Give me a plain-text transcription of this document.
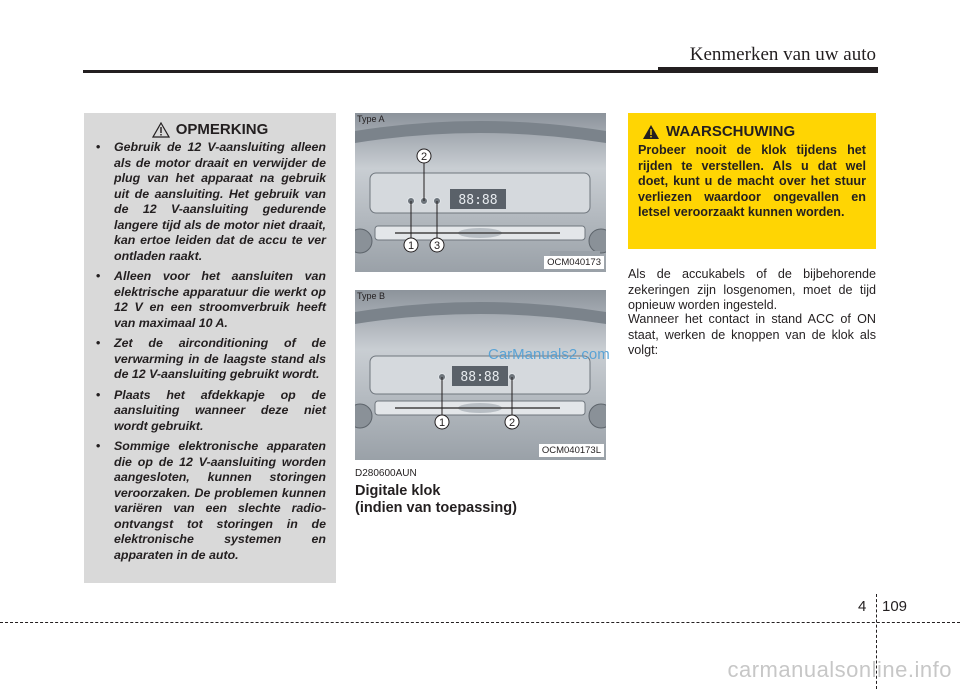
Kenmerken van uw auto
OPMERKING
• Gebruik de 12 V-aansluiting alleen als de motor draait en verwijder de plug van het apparaat na gebruik uit de aansluiting. Het gebruik van de 12 V-aansluiting gedurende langere tijd als de motor niet draait, kan ertoe leiden dat de accu te ver ontladen raakt.
• Alleen voor het aansluiten van elektrische apparatuur die werkt op 12 V en een stroomverbruik heeft van maximaal 10 A.
• Zet de airconditioning of de verwarming in de laagste stand als de 12 V-aansluiting gebruikt wordt.
• Plaats het afdekkapje op de aansluiting wanneer deze niet wordt gebruikt.
• Sommige elektronische apparaten die op de 12 V-aansluiting worden aangesloten, kunnen storingen veroorzaken. De problemen kunnen variëren van een slechte radio-ontvangst tot storingen in de elektronische systemen en apparaten in de auto.
88:88
2
1 3
OCM040173
Type A
88:88
1	2
OCM040173L
Type B
CarManuals2.com
D280600AUN
Digitale klok
(indien van toepassing)
WAARSCHUWING
Probeer nooit de klok tijdens het rijden te verstellen. Als u dat wel doet, kunt u de macht over het stuur verliezen waardoor ongevallen en letsel veroorzaakt kunnen worden.
Als de accukabels of de bijbehorende zekeringen zijn losgenomen, moet de tijd opnieuw worden ingesteld.
Wanneer het contact in stand ACC of ON staat, werken de knoppen van de klok als volgt:
4 109
carmanualsonline.info
